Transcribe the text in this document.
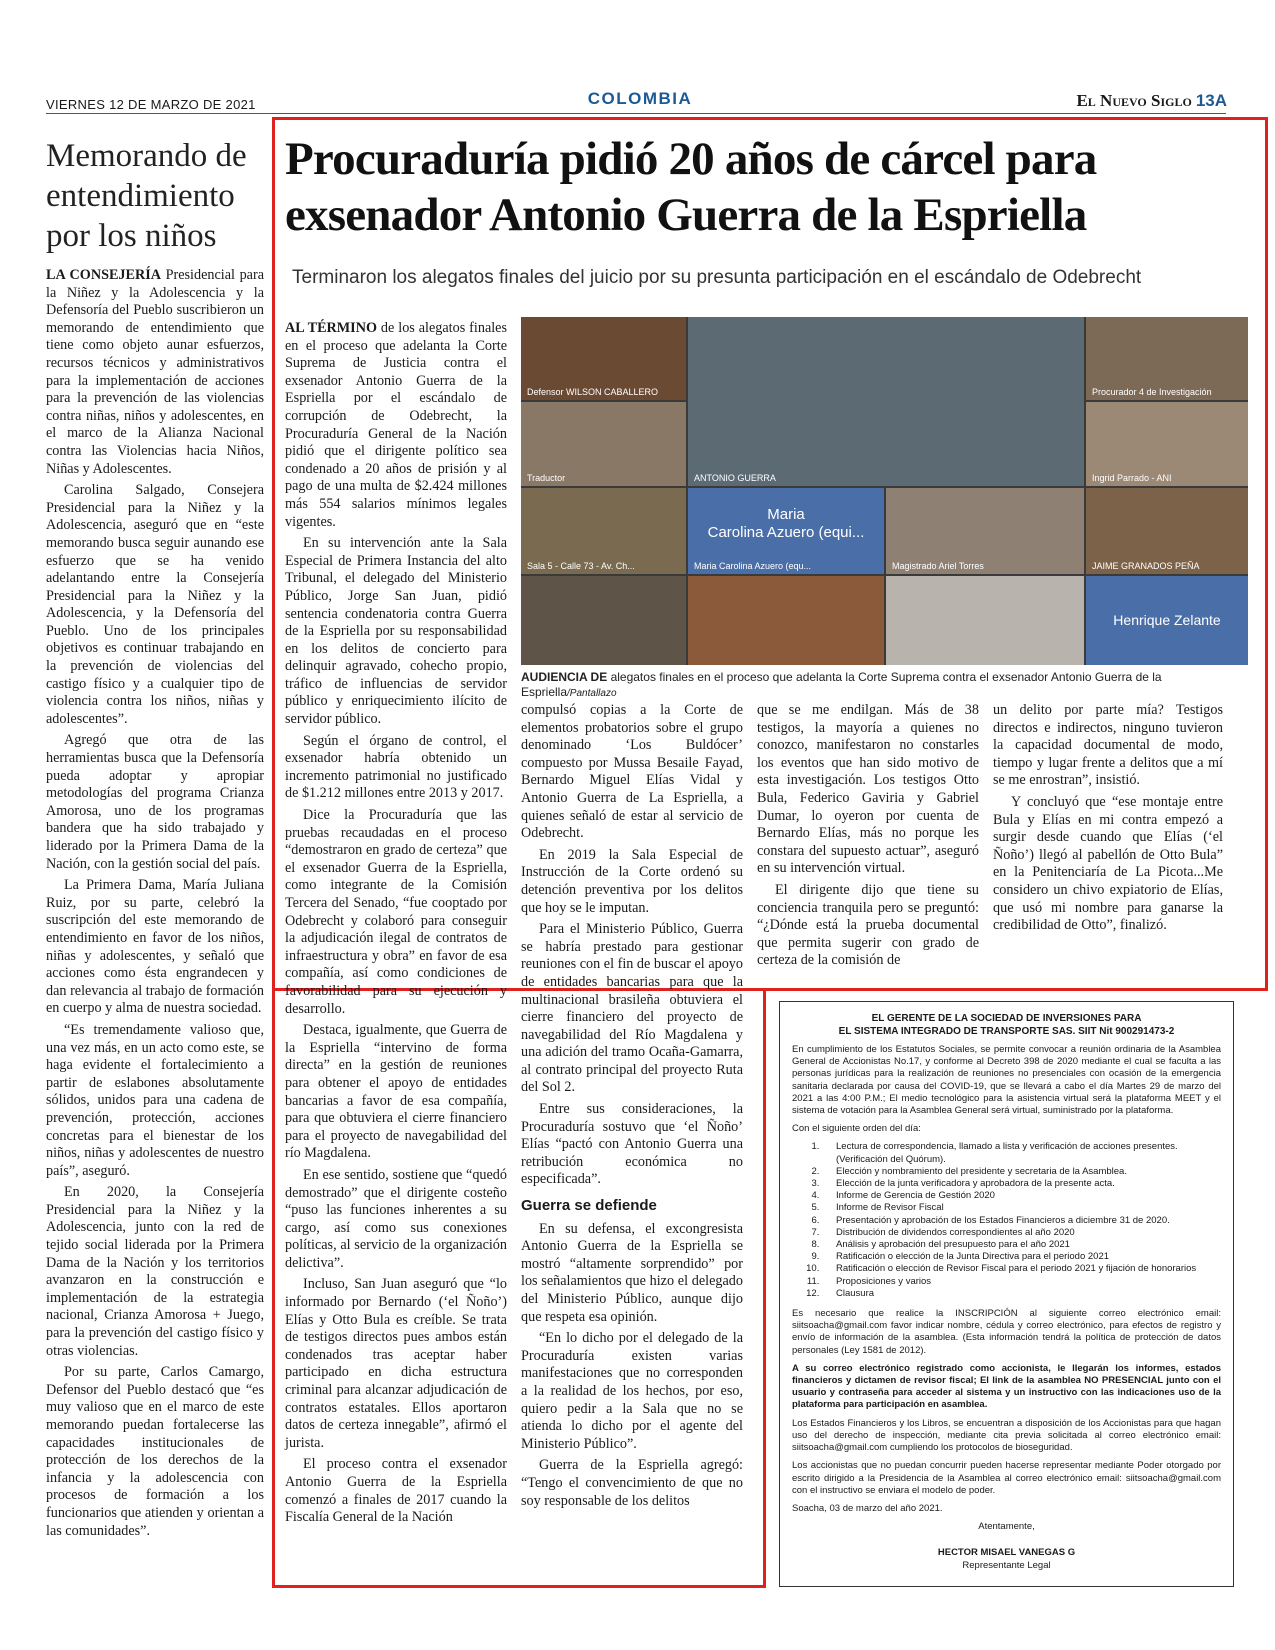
VIERNES 12 DE MARZO DE 2021	COLOMBIA	El Nuevo Siglo 13A
Memorando de entendimiento por los niños

LA CONSEJERÍA Presidencial para la Niñez y la Adolescencia y la Defensoría del Pueblo suscribieron un memorando de entendimiento que tiene como objeto aunar esfuerzos, recursos técnicos y administrativos para la implementación de acciones para la prevención de las violencias contra niñas, niños y adolescentes, en el marco de la Alianza Nacional contra las Violencias hacia Niños, Niñas y Adolescentes.

Carolina Salgado, Consejera Presidencial para la Niñez y la Adolescencia, aseguró que en “este memorando busca seguir aunando ese esfuerzo que se ha venido adelantando entre la Consejería Presidencial para la Niñez y la Adolescencia, y la Defensoría del Pueblo. Uno de los principales objetivos es continuar trabajando en la prevención de violencias del castigo físico y a cualquier tipo de violencia contra los niños, niñas y adolescentes”.

Agregó que otra de las herramientas busca que la Defensoría pueda adoptar y apropiar metodologías del programa Crianza Amorosa, uno de los programas bandera que ha sido trabajado y liderado por la Primera Dama de la Nación, con la gestión social del país.

La Primera Dama, María Juliana Ruiz, por su parte, celebró la suscripción del este memorando de entendimiento en favor de los niños, niñas y adolescentes, y señaló que acciones como ésta engrandecen y dan relevancia al trabajo de formación en cuerpo y alma de nuestra sociedad.

“Es tremendamente valioso que, una vez más, en un acto como este, se haga evidente el fortalecimiento a partir de eslabones absolutamente sólidos, unidos para una cadena de prevención, protección, acciones concretas para el bienestar de los niños, niñas y adolescentes de nuestro país”, aseguró.

En 2020, la Consejería Presidencial para la Niñez y la Adolescencia, junto con la red de tejido social liderada por la Primera Dama de la Nación y los territorios avanzaron en la construcción e implementación de la estrategia nacional, Crianza Amorosa + Juego, para la prevención del castigo físico y otras violencias.

Por su parte, Carlos Camargo, Defensor del Pueblo destacó que “es muy valioso que en el marco de este memorando puedan fortalecerse las capacidades institucionales de protección de los derechos de la infancia y la adolescencia con procesos de formación a los funcionarios que atienden y orientan a las comunidades”.

Procuraduría pidió 20 años de cárcel para exsenador Antonio Guerra de la Espriella
Terminaron los alegatos finales del juicio por su presunta participación en el escándalo de Odebrecht
Defensor WILSON CABALLERO	Procurador 4 de Investigación
Traductor	ANTONIO GUERRA	Ingrid Parrado - ANI
Sala 5 - Calle 73 - Av. Ch...
Maria
Carolina Azuero (equi...
Maria Carolina Azuero (equ...	Magistrado Ariel Torres	JAIME GRANADOS PEÑA
Henrique Zelante
AUDIENCIA DE alegatos finales en el proceso que adelanta la Corte Suprema contra el exsenador Antonio Guerra de la Espriella/Pantallazo

AL TÉRMINO de los alegatos finales en el proceso que adelanta la Corte Suprema de Justicia contra el exsenador Antonio Guerra de la Espriella por el escándalo de corrupción de Odebrecht, la Procuraduría General de la Nación pidió que el dirigente político sea condenado a 20 años de prisión y al pago de una multa de $2.424 millones más 554 salarios mínimos legales vigentes.

En su intervención ante la Sala Especial de Primera Instancia del alto Tribunal, el delegado del Ministerio Público, Jorge San Juan, pidió sentencia condenatoria contra Guerra de la Espriella por su responsabilidad en los delitos de concierto para delinquir agravado, cohecho propio, tráfico de influencias de servidor público y enriquecimiento ilícito de servidor público.

Según el órgano de control, el exsenador habría obtenido un incremento patrimonial no justificado de $1.212 millones entre 2013 y 2017.

Dice la Procuraduría que las pruebas recaudadas en el proceso “demostraron en grado de certeza” que el exsenador Guerra de la Espriella, como integrante de la Comisión Tercera del Senado, “fue cooptado por Odebrecht y colaboró para conseguir la adjudicación ilegal de contratos de infraestructura y obra” en favor de esa compañía, así como condiciones de favorabilidad para su ejecución y desarrollo.

Destaca, igualmente, que Guerra de la Espriella “intervino de forma directa” en la gestión de reuniones para obtener el apoyo de entidades bancarias a favor de esa compañía, para que obtuviera el cierre financiero para el proyecto de navegabilidad del río Magdalena.

En ese sentido, sostiene que “quedó demostrado” que el dirigente costeño “puso las funciones inherentes a su cargo, así como sus conexiones políticas, al servicio de la organización delictiva”.

Incluso, San Juan aseguró que “lo informado por Bernardo (‘el Ñoño’) Elías y Otto Bula es creíble. Se trata de testigos directos pues ambos están condenados tras aceptar haber participado en dicha estructura criminal para alcanzar adjudicación de contratos estatales. Ellos aportaron datos de certeza innegable”, afirmó el jurista.

El proceso contra el exsenador Antonio Guerra de la Espriella comenzó a finales de 2017 cuando la Fiscalía General de la Nación

compulsó copias a la Corte de elementos probatorios sobre el grupo denominado ‘Los Buldócer’ compuesto por Mussa Besaile Fayad, Bernardo Miguel Elías Vidal y Antonio Guerra de La Espriella, a quienes señaló de estar al servicio de Odebrecht.

En 2019 la Sala Especial de Instrucción de la Corte ordenó su detención preventiva por los delitos que hoy se le imputan.

Para el Ministerio Público, Guerra se habría prestado para gestionar reuniones con el fin de buscar el apoyo de entidades bancarias para que la multinacional brasileña obtuviera el cierre financiero del proyecto de navegabilidad del Río Magdalena y una adición del tramo Ocaña-Gamarra, al contrato principal del proyecto Ruta del Sol 2.

Entre sus consideraciones, la Procuraduría sostuvo que ‘el Ñoño’ Elías “pactó con Antonio Guerra una retribución económica no especificada”.

Guerra se defiende

En su defensa, el excongresista Antonio Guerra de la Espriella se mostró “altamente sorprendido” por los señalamientos que hizo el delegado del Ministerio Público, aunque dijo que respeta esa opinión.

“En lo dicho por el delegado de la Procuraduría existen varias manifestaciones que no corresponden a la realidad de los hechos, por eso, quiero pedir a la Sala que no se atienda lo dicho por el agente del Ministerio Público”.

Guerra de la Espriella agregó: “Tengo el convencimiento de que no soy responsable de los delitos

que se me endilgan. Más de 38 testigos, la mayoría a quienes no conozco, manifestaron no constarles los eventos que han sido motivo de esta investigación. Los testigos Otto Bula, Federico Gaviria y Gabriel Dumar, lo oyeron por cuenta de Bernardo Elías, más no porque les constara del supuesto actuar”, aseguró en su intervención virtual.

El dirigente dijo que tiene su conciencia tranquila pero se preguntó: “¿Dónde está la prueba documental que permita sugerir con grado de certeza de la comisión de

un delito por parte mía? Testigos directos e indirectos, ninguno tuvieron la capacidad documental de modo, tiempo y lugar frente a delitos que a mí se me enrostran”, insistió.

Y concluyó que “ese montaje entre Bula y Elías en mi contra empezó a surgir desde cuando que Elías (‘el Ñoño’) llegó al pabellón de Otto Bula” en la Penitenciaría de La Picota...Me considero un chivo expiatorio de Elías, que usó mi nombre para ganarse la credibilidad de Otto”, finalizó.

EL GERENTE DE LA SOCIEDAD DE INVERSIONES PARA
EL SISTEMA INTEGRADO DE TRANSPORTE SAS. SIIT Nit 900291473-2

En cumplimiento de los Estatutos Sociales, se permite convocar a reunión ordinaria de la Asamblea General de Accionistas No.17, y conforme al Decreto 398 de 2020 mediante el cual se faculta a las personas jurídicas para la realización de reuniones no presenciales con ocasión de la emergencia sanitaria declarada por causa del COVID-19, que se llevará a cabo el día Martes 29 de marzo del 2021 a las 4:00 P.M.; El medio tecnológico para la asistencia virtual será la plataforma MEET y el sistema de votación para la Asamblea General será virtual, suministrado por la plataforma.

Con el siguiente orden del día:

1. Lectura de correspondencia, llamado a lista y verificación de acciones presentes. (Verificación del Quórum).
2. Elección y nombramiento del presidente y secretaria de la Asamblea.
3. Elección de la junta verificadora y aprobadora de la presente acta.
4. Informe de Gerencia de Gestión 2020
5. Informe de Revisor Fiscal
6. Presentación y aprobación de los Estados Financieros a diciembre 31 de 2020.
7. Distribución de dividendos correspondientes al año 2020
8. Análisis y aprobación del presupuesto para el año 2021
9. Ratificación o elección de la Junta Directiva para el periodo 2021
10. Ratificación o elección de Revisor Fiscal para el periodo 2021 y fijación de honorarios
11. Proposiciones y varios
12. Clausura

Es necesario que realice la INSCRIPCIÓN al siguiente correo electrónico email: siitsoacha@gmail.com favor indicar nombre, cédula y correo electrónico, para efectos de registro y envío de información de la asamblea. (Esta información tendrá la política de protección de datos personales (Ley 1581 de 2012).

A su correo electrónico registrado como accionista, le llegarán los informes, estados financieros y dictamen de revisor fiscal; El link de la asamblea NO PRESENCIAL junto con el usuario y contraseña para acceder al sistema y un instructivo con las indicaciones uso de la plataforma para participación en asamblea.

Los Estados Financieros y los Libros, se encuentran a disposición de los Accionistas para que hagan uso del derecho de inspección, mediante cita previa solicitada al correo electrónico email: siitsoacha@gmail.com cumpliendo los protocolos de bioseguridad.

Los accionistas que no puedan concurrir pueden hacerse representar mediante Poder otorgado por escrito dirigido a la Presidencia de la Asamblea al correo electrónico email: siitsoacha@gmail.com con el instructivo se enviara el modelo de poder.

Soacha, 03 de marzo del año 2021.

Atentamente,
HECTOR MISAEL VANEGAS G
Representante Legal
